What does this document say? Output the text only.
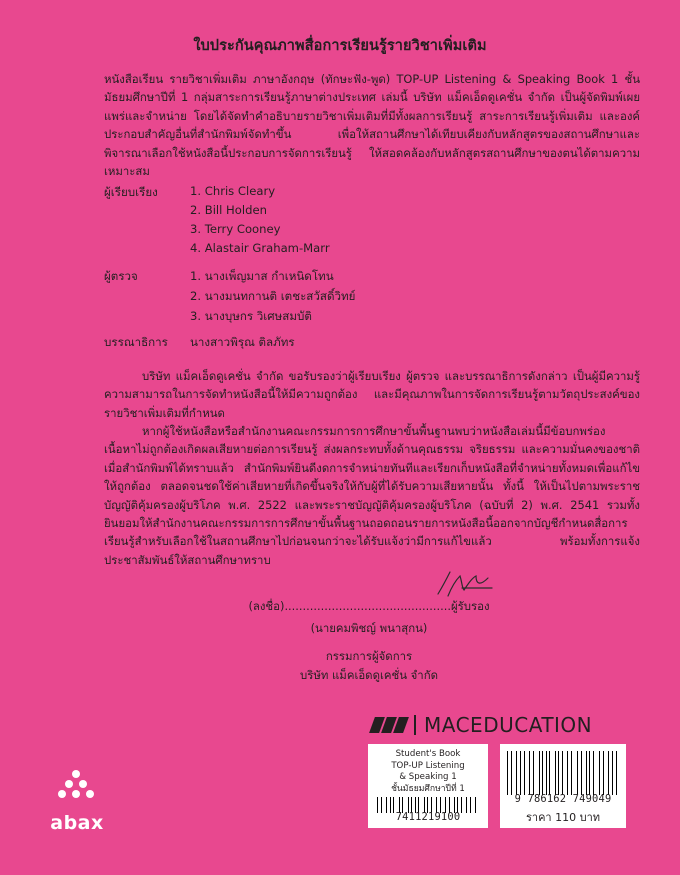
ใบประกันคุณภาพสื่อการเรียนรู้รายวิชาเพิ่มเติม

หนังสือเรียน รายวิชาเพิ่มเติม ภาษาอังกฤษ (ทักษะฟัง-พูด) TOP-UP Listening & Speaking Book 1 ชั้นมัธยมศึกษาปีที่ 1 กลุ่มสาระการเรียนรู้ภาษาต่างประเทศ เล่มนี้ บริษัท แม็คเอ็ดดูเคชั่น จำกัด เป็นผู้จัดพิมพ์เผยแพร่และจำหน่าย โดยได้จัดทำคำอธิบายรายวิชาเพิ่มเติมที่มีทั้งผลการเรียนรู้ สาระการเรียนรู้เพิ่มเติม และองค์ประกอบสำคัญอื่นที่สำนักพิมพ์จัดทำขึ้น เพื่อให้สถานศึกษาได้เทียบเคียงกับหลักสูตรของสถานศึกษาและพิจารณาเลือกใช้หนังสือนี้ประกอบการจัดการเรียนรู้ ให้สอดคล้องกับหลักสูตรสถานศึกษาของตนได้ตามความเหมาะสม

ผู้เรียบเรียง	1. Chris Cleary
2. Bill Holden
3. Terry Cooney
4. Alastair Graham-Marr
ผู้ตรวจ	1. นางเพ็ญมาส กำเหนิดโทน
2. นางมนทกานติ เตชะสวัสดิ์วิทย์
3. นางบุษกร วิเศษสมบัติ
บรรณาธิการ นางสาวพิรุณ ติลภัทร

บริษัท แม็คเอ็ดดูเคชั่น จำกัด ขอรับรองว่าผู้เรียบเรียง ผู้ตรวจ และบรรณาธิการดังกล่าว เป็นผู้มีความรู้ความสามารถในการจัดทำหนังสือนี้ให้มีความถูกต้อง และมีคุณภาพในการจัดการเรียนรู้ตามวัตถุประสงค์ของรายวิชาเพิ่มเติมที่กำหนด

หากผู้ใช้หนังสือหรือสำนักงานคณะกรรมการการศึกษาขั้นพื้นฐานพบว่าหนังสือเล่มนี้มีข้อบกพร่อง เนื้อหาไม่ถูกต้องเกิดผลเสียหายต่อการเรียนรู้ ส่งผลกระทบทั้งด้านคุณธรรม จริยธรรม และความมั่นคงของชาติ เมื่อสำนักพิมพ์ได้ทราบแล้ว สำนักพิมพ์ยินดีงดการจำหน่ายทันทีและเรียกเก็บหนังสือที่จำหน่ายทั้งหมดเพื่อแก้ไขให้ถูกต้อง ตลอดจนชดใช้ค่าเสียหายที่เกิดขึ้นจริงให้กับผู้ที่ได้รับความเสียหายนั้น ทั้งนี้ ให้เป็นไปตามพระราชบัญญัติคุ้มครองผู้บริโภค พ.ศ. 2522 และพระราชบัญญัติคุ้มครองผู้บริโภค (ฉบับที่ 2) พ.ศ. 2541 รวมทั้งยินยอมให้สำนักงานคณะกรรมการการศึกษาขั้นพื้นฐานถอดถอนรายการหนังสือนี้ออกจากบัญชีกำหนดสื่อการเรียนรู้สำหรับเลือกใช้ในสถานศึกษาไปก่อนจนกว่าจะได้รับแจ้งว่ามีการแก้ไขแล้ว พร้อมทั้งการแจ้งประชาสัมพันธ์ให้สถานศึกษาทราบ

(ลงชื่อ)..............................................ผู้รับรอง
(นายคมพิชญ์ พนาสุกน)
กรรมการผู้จัดการ
บริษัท แม็คเอ็ดดูเคชั่น จำกัด
MACEDUCATION
Student's Book
TOP-UP Listening
& Speaking 1
ชั้นมัธยมศึกษาปีที่ 1
7411219100
9 786162 749049
ราคา 110 บาท
abax
